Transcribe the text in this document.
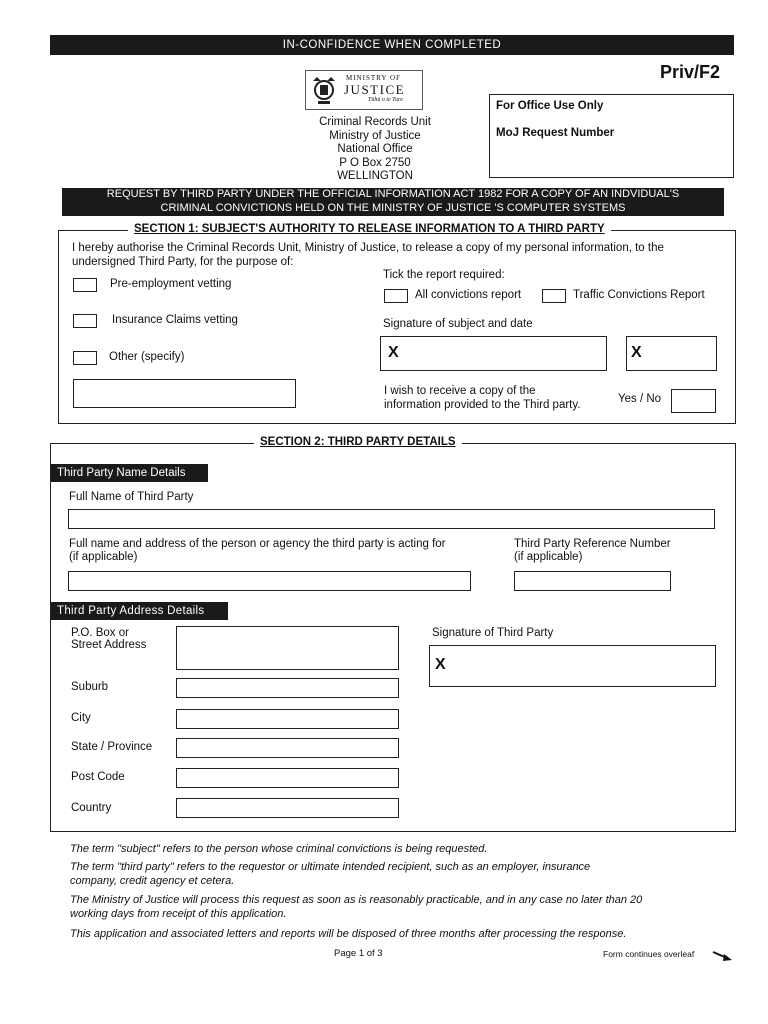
IN-CONFIDENCE WHEN COMPLETED
MINISTRY OF
JUSTICE
Tāhū o te Ture
Criminal Records Unit
Ministry of Justice
National Office
P O Box 2750
WELLINGTON
Priv/F2
For Office Use Only
MoJ Request Number
REQUEST BY THIRD PARTY UNDER THE OFFICIAL INFORMATION ACT 1982 FOR A COPY OF AN INDVIDUAL'S
CRIMINAL CONVICTIONS HELD ON THE MINISTRY OF JUSTICE 'S COMPUTER SYSTEMS
SECTION 1: SUBJECT'S AUTHORITY TO RELEASE INFORMATION TO A THIRD PARTY
I hereby authorise the Criminal Records Unit, Ministry of Justice, to release a copy of my personal information, to the
undersigned Third Party, for the purpose of:
Pre-employment vetting
Insurance Claims vetting
Other (specify)
Tick the report required:
All convictions report	Traffic Convictions Report
Signature of subject and date
X	X
I wish to receive a copy of the
information provided to the Third party.	Yes / No
SECTION 2: THIRD PARTY DETAILS
Third Party Name Details
Full Name of Third Party
Full name and address of the person or agency the third party is acting for
(if applicable)
Third Party Reference Number
(if applicable)
Third Party Address Details
P.O. Box or
Street Address
Suburb
City
State / Province
Post Code
Country
Signature of Third Party
X
The term "subject" refers to the person whose criminal convictions is being requested.
The term "third party" refers to the requestor or ultimate intended recipient, such as an employer, insurance
company, credit agency et cetera.
The Ministry of Justice will process this request as soon as is reasonably practicable, and in any case no later than 20
working days from receipt of this application.
This application and associated letters and reports will be disposed of three months after processing the response.
Page 1 of 3	Form continues overleaf
